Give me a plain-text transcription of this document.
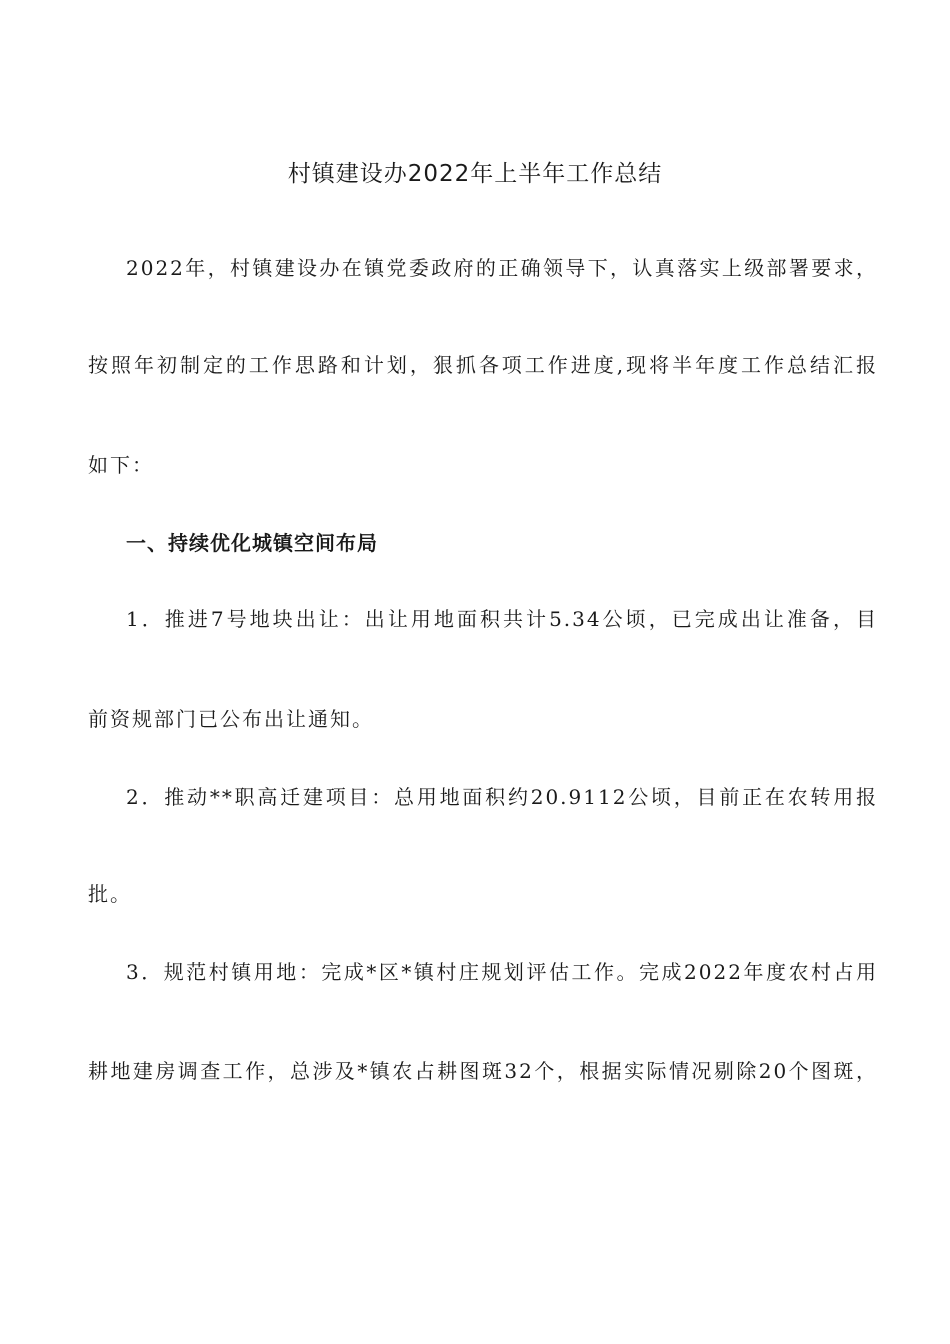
村镇建设办2022年上半年工作总结
2022年，村镇建设办在镇党委政府的正确领导下，认真落实上级部署要求，
按照年初制定的工作思路和计划，狠抓各项工作进度,现将半年度工作总结汇报
如下：
一、持续优化城镇空间布局
1．推进7号地块出让：出让用地面积共计5.34公顷，已完成出让准备，目
前资规部门已公布出让通知。
2．推动**职高迁建项目：总用地面积约20.9112公顷，目前正在农转用报
批。
3．规范村镇用地：完成*区*镇村庄规划评估工作。完成2022年度农村占用
耕地建房调查工作，总涉及*镇农占耕图斑32个，根据实际情况剔除20个图斑，
